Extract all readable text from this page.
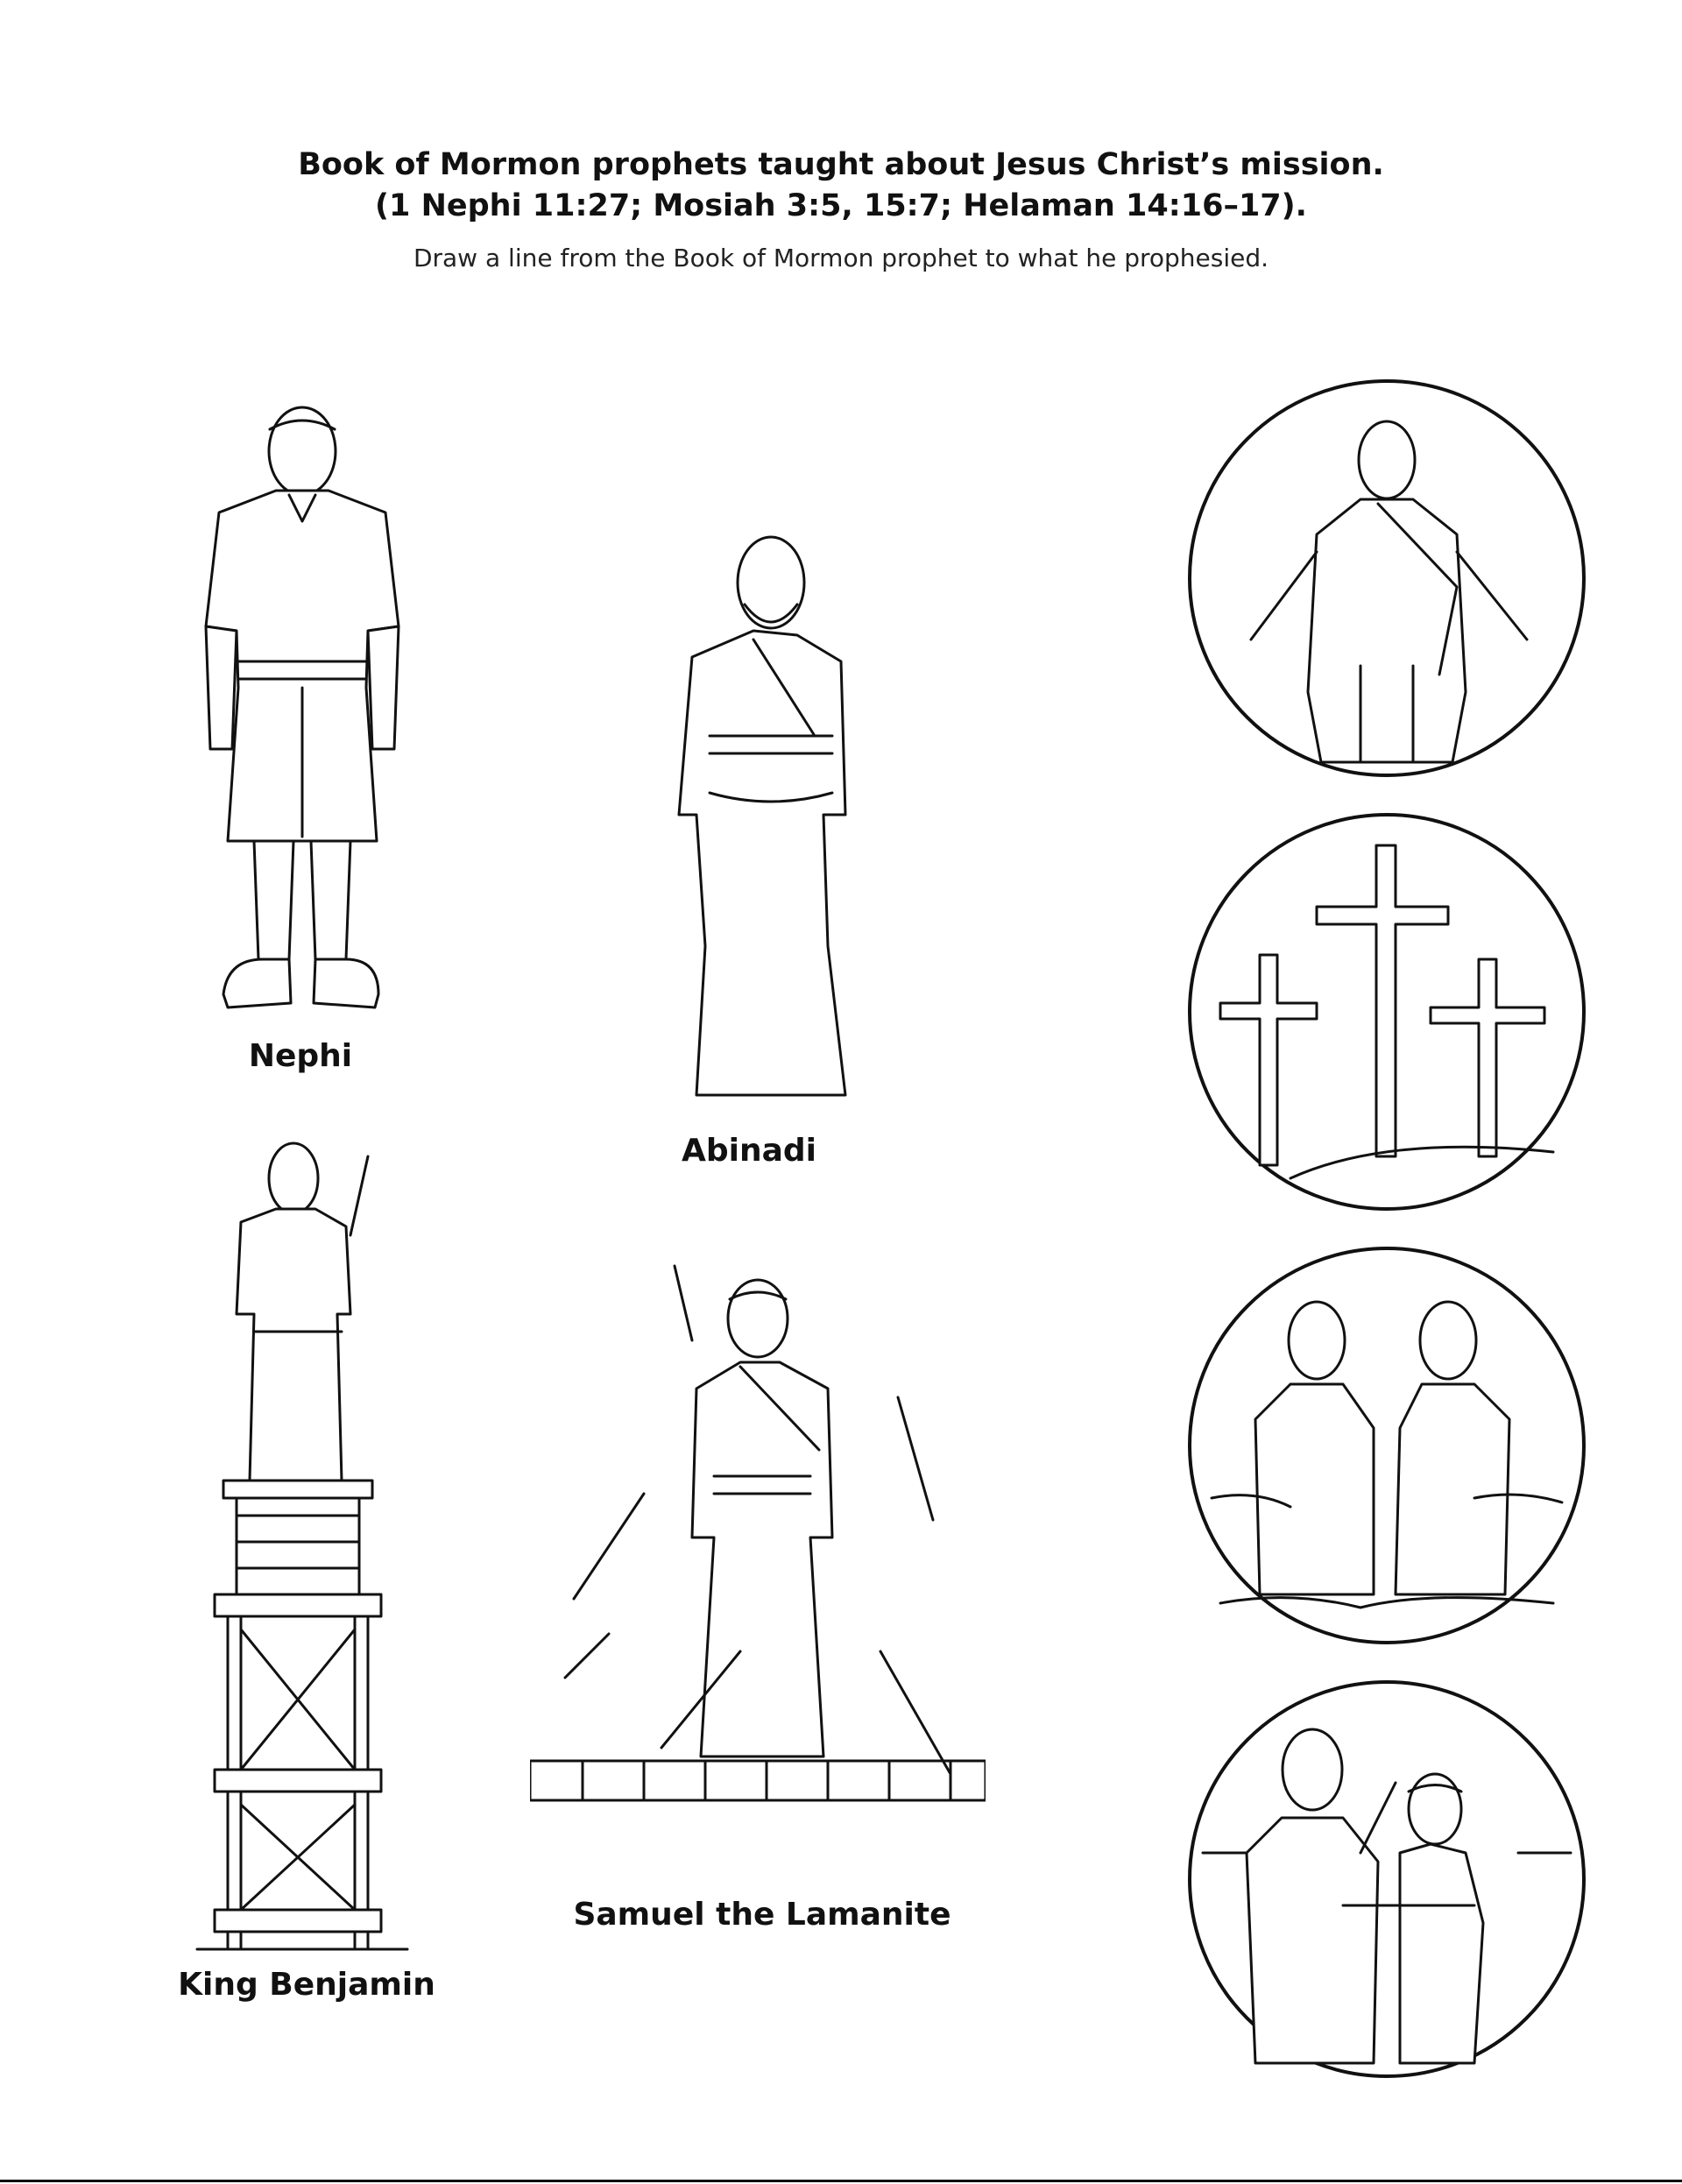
Book of Mormon prophets taught about Jesus Christ’s mission.
(1 Nephi 11:27; Mosiah 3:5, 15:7; Helaman 14:16–17).
Draw a line from the Book of Mormon prophet to what he prophesied.
Nephi
Abinadi
King Benjamin
Samuel the Lamanite
